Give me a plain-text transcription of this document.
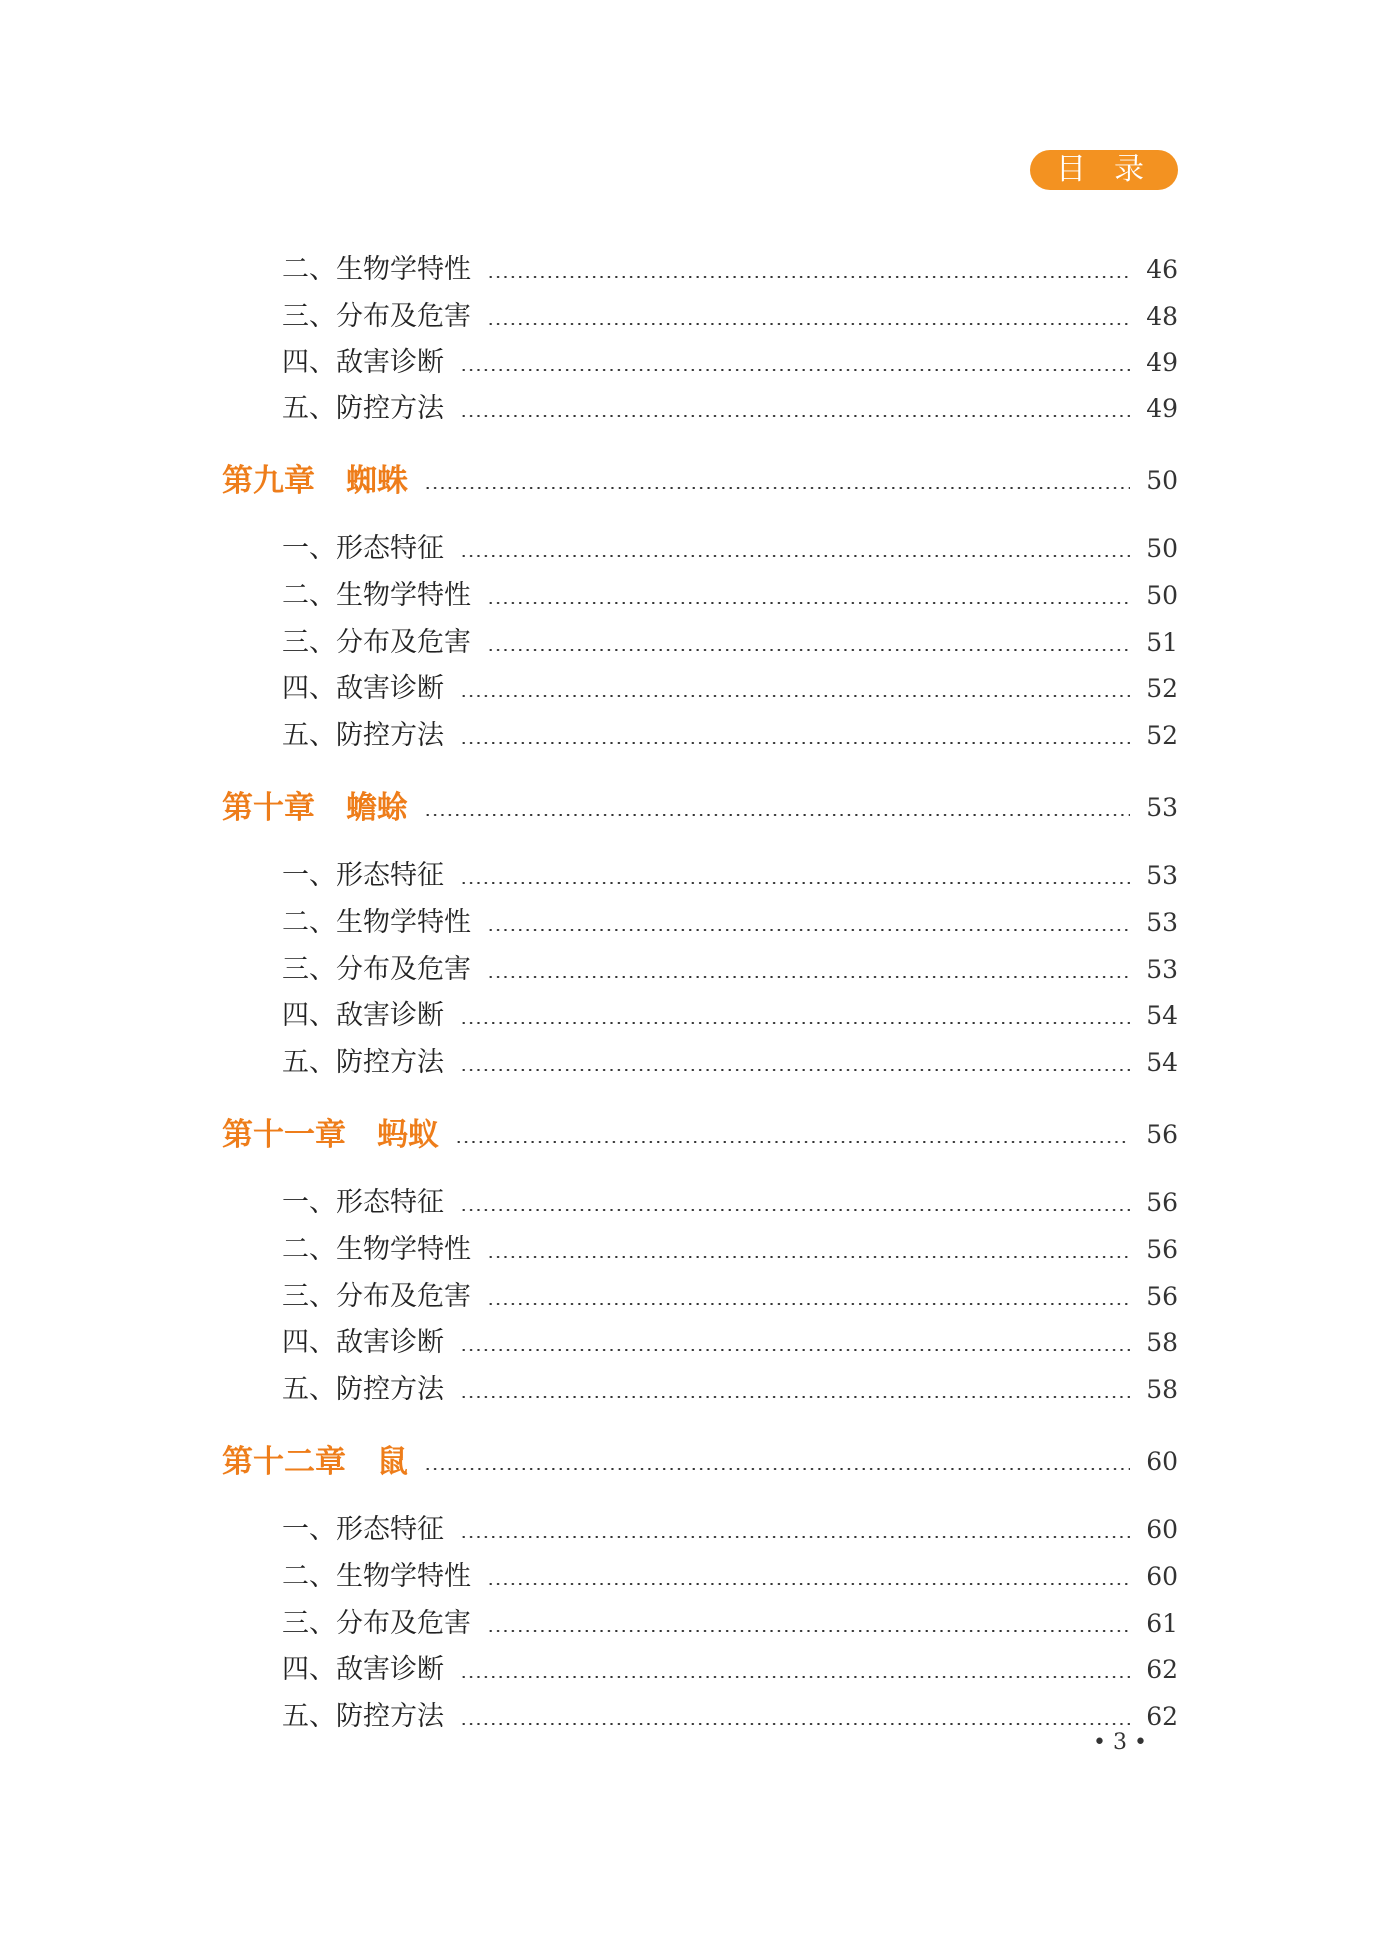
目录
二、生物学特性	46
三、分布及危害	48
四、敌害诊断	49
五、防控方法	49
第九章　蜘蛛	50
一、形态特征	50
二、生物学特性	50
三、分布及危害	51
四、敌害诊断	52
五、防控方法	52
第十章　蟾蜍	53
一、形态特征	53
二、生物学特性	53
三、分布及危害	53
四、敌害诊断	54
五、防控方法	54
第十一章　蚂蚁	56
一、形态特征	56
二、生物学特性	56
三、分布及危害	56
四、敌害诊断	58
五、防控方法	58
第十二章　鼠	60
一、形态特征	60
二、生物学特性	60
三、分布及危害	61
四、敌害诊断	62
五、防控方法	62
• 3 •
